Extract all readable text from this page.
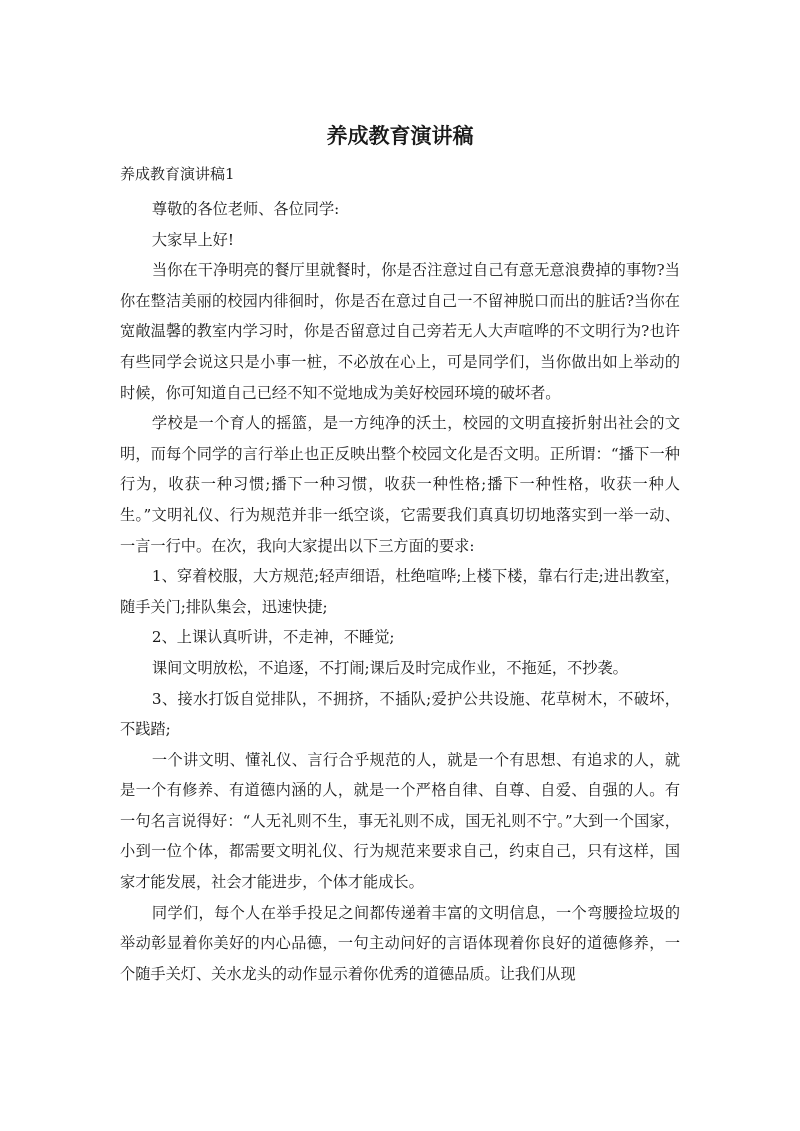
养成教育演讲稿
养成教育演讲稿1

尊敬的各位老师、各位同学:

大家早上好!

当你在干净明亮的餐厅里就餐时，你是否注意过自己有意无意浪费掉的事物?当你在整洁美丽的校园内徘徊时，你是否在意过自己一不留神脱口而出的脏话?当你在宽敞温馨的教室内学习时，你是否留意过自己旁若无人大声喧哗的不文明行为?也许有些同学会说这只是小事一桩，不必放在心上，可是同学们，当你做出如上举动的时候，你可知道自己已经不知不觉地成为美好校园环境的破坏者。

学校是一个育人的摇篮，是一方纯净的沃土，校园的文明直接折射出社会的文明，而每个同学的言行举止也正反映出整个校园文化是否文明。正所谓：“播下一种行为，收获一种习惯;播下一种习惯，收获一种性格;播下一种性格，收获一种人生。”文明礼仪、行为规范并非一纸空谈，它需要我们真真切切地落实到一举一动、一言一行中。在次，我向大家提出以下三方面的要求:

1、穿着校服，大方规范;轻声细语，杜绝喧哗;上楼下楼，靠右行走;进出教室，随手关门;排队集会，迅速快捷;

2、上课认真听讲，不走神，不睡觉;

课间文明放松，不追逐，不打闹;课后及时完成作业，不拖延，不抄袭。

3、接水打饭自觉排队，不拥挤，不插队;爱护公共设施、花草树木，不破坏，不践踏;

一个讲文明、懂礼仪、言行合乎规范的人，就是一个有思想、有追求的人，就是一个有修养、有道德内涵的人，就是一个严格自律、自尊、自爱、自强的人。有一句名言说得好：“人无礼则不生，事无礼则不成，国无礼则不宁。”大到一个国家，小到一位个体，都需要文明礼仪、行为规范来要求自己，约束自己，只有这样，国家才能发展，社会才能进步，个体才能成长。

同学们，每个人在举手投足之间都传递着丰富的文明信息，一个弯腰捡垃圾的举动彰显着你美好的内心品德，一句主动问好的言语体现着你良好的道德修养，一个随手关灯、关水龙头的动作显示着你优秀的道德品质。让我们从现
